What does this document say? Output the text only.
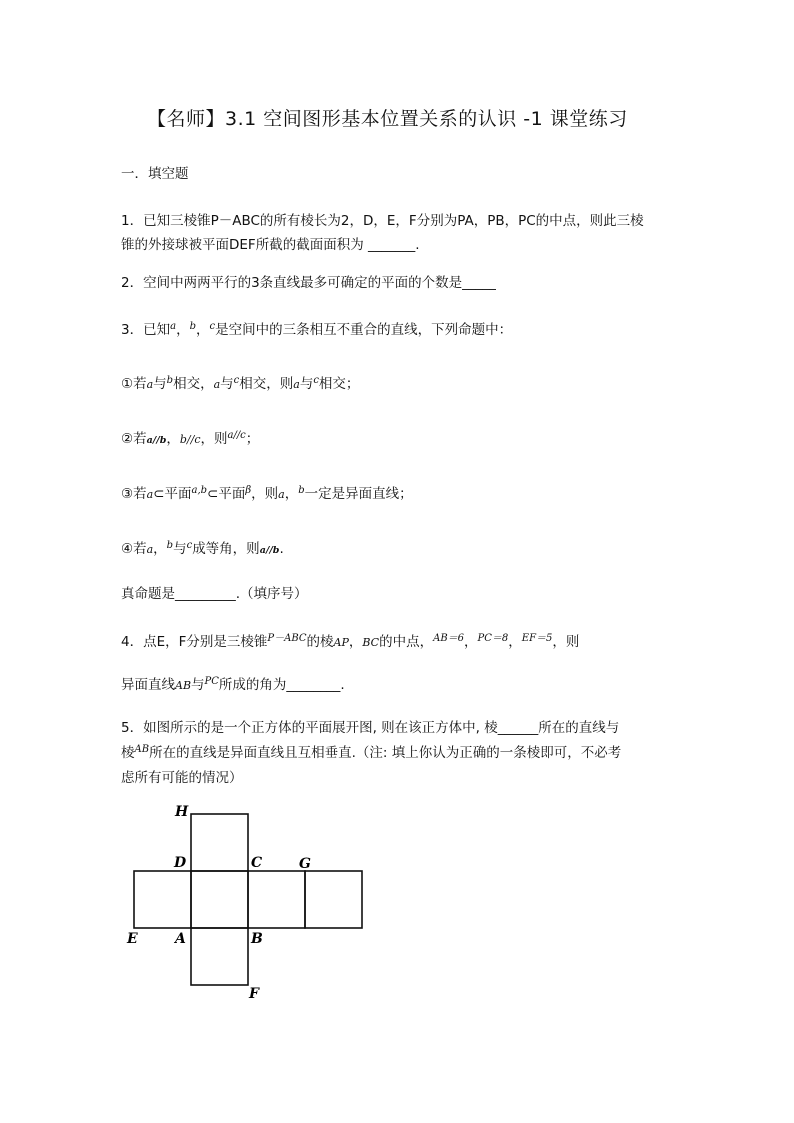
【名师】3.1 空间图形基本位置关系的认识 -1 课堂练习
一．填空题
1．已知三棱锥P－ABC的所有棱长为2，D，E，F分别为PA，PB，PC的中点，则此三棱
锥的外接球被平面DEF所截的截面面积为 _______.
2．空间中两两平行的3条直线最多可确定的平面的个数是_____
3．已知$^a$，$^b$，$^c$是空间中的三条相互不重合的直线，下列命题中：
①若a与$^b$相交，a与$^c$相交，则a与$^c$相交；
②若a//b，b//c，则$^{a//c}$；
③若a⊂平面$^{a,b}$⊂平面$^\beta$，则a，$^b$一定是异面直线；
④若a，$^b$与$^c$成等角，则a//b.
真命题是_________.（填序号）
4．点E，F分别是三棱锥$^{P-ABC}$的棱AP，BC的中点，$^{AB=6}$，$^{PC=8}$，$^{EF=5}$，则
异面直线AB与$^{PC}$所成的角为________.
5．如图所示的是一个正方体的平面展开图, 则在该正方体中, 棱______所在的直线与
棱$^{AB}$所在的直线是异面直线且互相垂直.（注: 填上你认为正确的一条棱即可，不必考
虑所有可能的情况）
H
D	C	G
E	A	B
F
